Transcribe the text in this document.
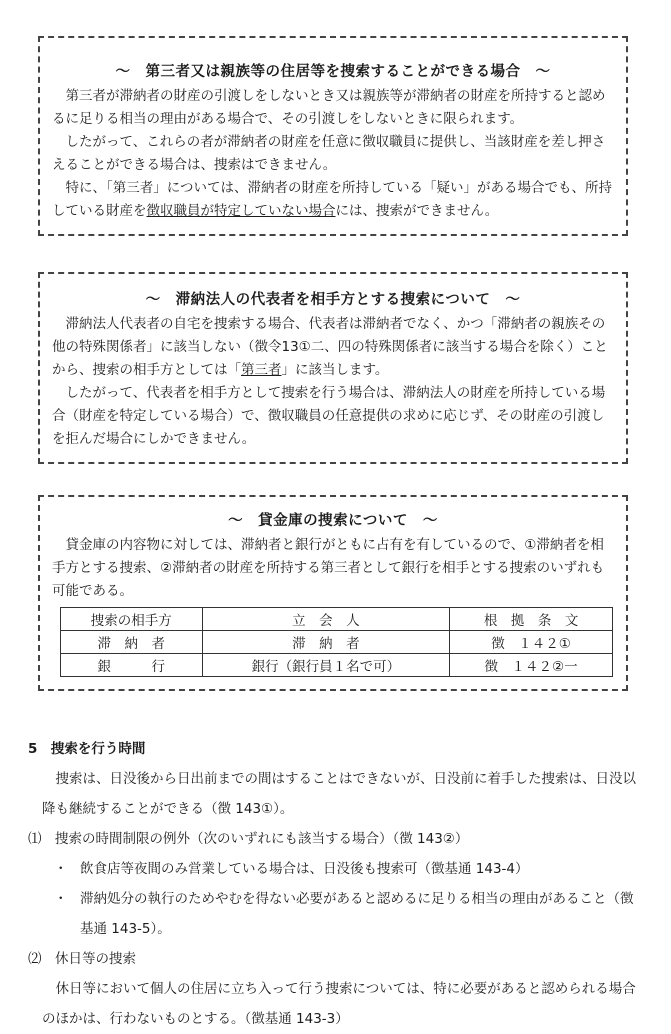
～　第三者又は親族等の住居等を捜索することができる場合　～

第三者が滞納者の財産の引渡しをしないとき又は親族等が滞納者の財産を所持すると認めるに足りる相当の理由がある場合で、その引渡しをしないときに限られます。

したがって、これらの者が滞納者の財産を任意に徴収職員に提供し、当該財産を差し押さえることができる場合は、捜索はできません。

特に、「第三者」については、滞納者の財産を所持している「疑い」がある場合でも、所持している財産を徴収職員が特定していない場合には、捜索ができません。

～　滞納法人の代表者を相手方とする捜索について　～

滞納法人代表者の自宅を捜索する場合、代表者は滞納者でなく、かつ「滞納者の親族その他の特殊関係者」に該当しない（徴令13①二、四の特殊関係者に該当する場合を除く）ことから、捜索の相手方としては「第三者」に該当します。

したがって、代表者を相手方として捜索を行う場合は、滞納法人の財産を所持している場合（財産を特定している場合）で、徴収職員の任意提供の求めに応じず、その財産の引渡しを拒んだ場合にしかできません。

～　貸金庫の捜索について　～

貸金庫の内容物に対しては、滞納者と銀行がともに占有を有しているので、①滞納者を相手方とする捜索、②滞納者の財産を所持する第三者として銀行を相手とする捜索のいずれも可能である。

捜索の相手方	立　会　人	根　拠　条　文
滞　納　者	滞　納　者	徴　１４２①
銀　　　行	銀行（銀行員１名で可）	徴　１４２②一

5　捜索を行う時間

捜索は、日没後から日出前までの間はすることはできないが、日没前に着手した捜索は、日没以降も継続することができる（徴 143①）。

⑴　捜索の時間制限の例外（次のいずれにも該当する場合）（徴 143②）

・ 飲食店等夜間のみ営業している場合は、日没後も捜索可（徴基通 143-4）

・ 滞納処分の執行のためやむを得ない必要があると認めるに足りる相当の理由があること（徴基通 143-5）。

⑵　休日等の捜索

休日等において個人の住居に立ち入って行う捜索については、特に必要があると認められる場合のほかは、行わないものとする。（徴基通 143-3）
